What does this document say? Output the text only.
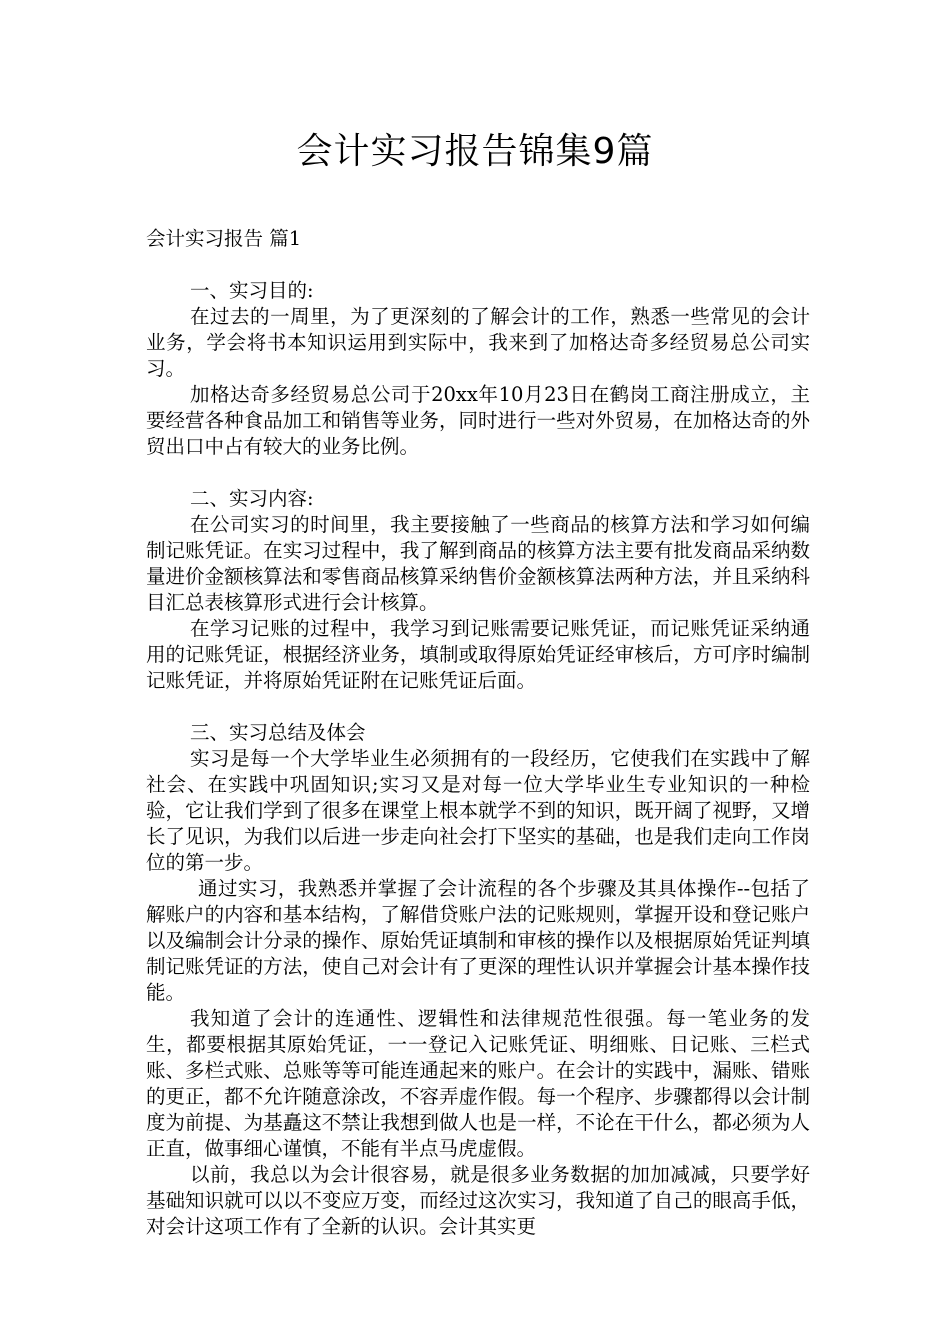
会计实习报告锦集9篇

会计实习报告 篇1

一、实习目的:

在过去的一周里，为了更深刻的了解会计的工作，熟悉一些常见的会计业务，学会将书本知识运用到实际中，我来到了加格达奇多经贸易总公司实习。

加格达奇多经贸易总公司于20xx年10月23日在鹤岗工商注册成立，主要经营各种食品加工和销售等业务，同时进行一些对外贸易，在加格达奇的外贸出口中占有较大的业务比例。

二、实习内容:

在公司实习的时间里，我主要接触了一些商品的核算方法和学习如何编制记账凭证。在实习过程中，我了解到商品的核算方法主要有批发商品采纳数量进价金额核算法和零售商品核算采纳售价金额核算法两种方法，并且采纳科目汇总表核算形式进行会计核算。

在学习记账的过程中，我学习到记账需要记账凭证，而记账凭证采纳通用的记账凭证，根据经济业务，填制或取得原始凭证经审核后，方可序时编制记账凭证，并将原始凭证附在记账凭证后面。

三、实习总结及体会

实习是每一个大学毕业生必须拥有的一段经历，它使我们在实践中了解社会、在实践中巩固知识;实习又是对每一位大学毕业生专业知识的一种检验，它让我们学到了很多在课堂上根本就学不到的知识，既开阔了视野，又增长了见识，为我们以后进一步走向社会打下坚实的基础，也是我们走向工作岗位的第一步。

通过实习，我熟悉并掌握了会计流程的各个步骤及其具体操作--包括了解账户的内容和基本结构，了解借贷账户法的记账规则，掌握开设和登记账户以及编制会计分录的操作、原始凭证填制和审核的操作以及根据原始凭证判填制记账凭证的方法，使自己对会计有了更深的理性认识并掌握会计基本操作技能。

我知道了会计的连通性、逻辑性和法律规范性很强。每一笔业务的发生，都要根据其原始凭证，一一登记入记账凭证、明细账、日记账、三栏式账、多栏式账、总账等等可能连通起来的账户。在会计的实践中，漏账、错账的更正，都不允许随意涂改，不容弄虚作假。每一个程序、步骤都得以会计制度为前提、为基矗这不禁让我想到做人也是一样，不论在干什么，都必须为人正直，做事细心谨慎，不能有半点马虎虚假。

以前，我总以为会计很容易，就是很多业务数据的加加减减，只要学好基础知识就可以以不变应万变，而经过这次实习，我知道了自己的眼高手低，对会计这项工作有了全新的认识。会计其实更
